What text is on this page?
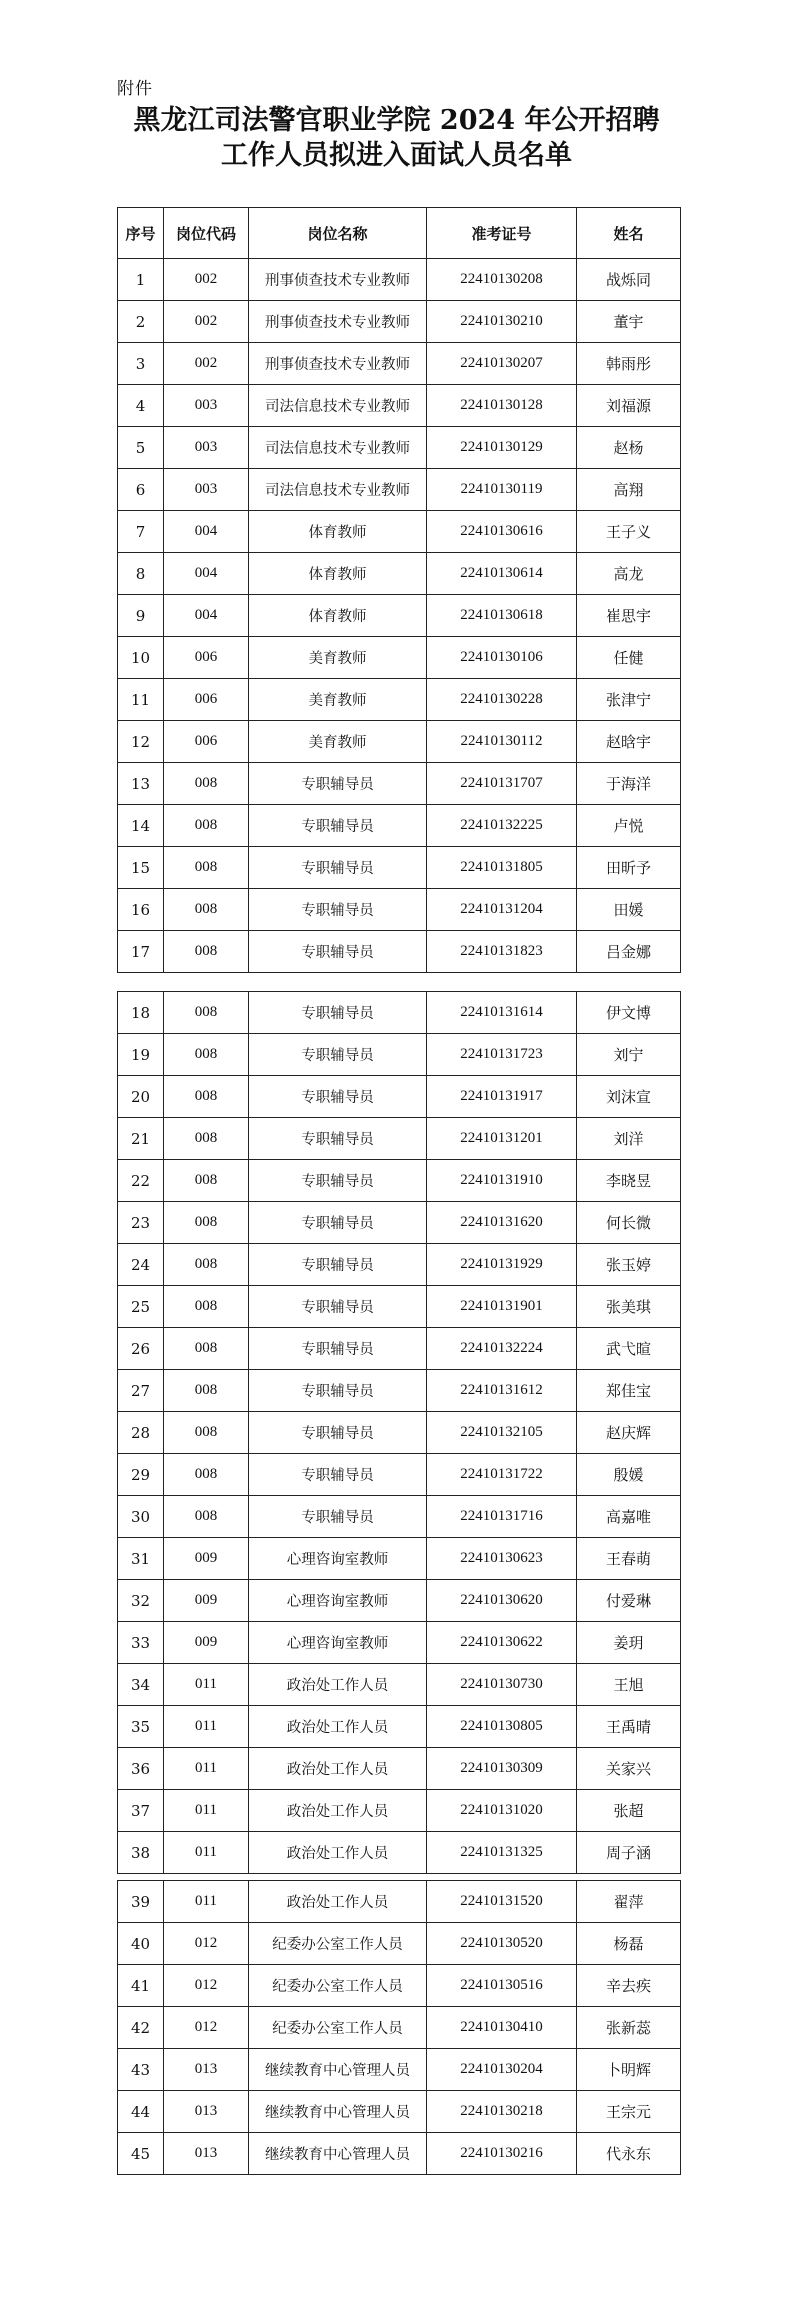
附件
黑龙江司法警官职业学院 2024 年公开招聘
工作人员拟进入面试人员名单
序号	岗位代码	岗位名称	准考证号	姓名
1	002	刑事侦查技术专业教师	22410130208	战烁同
2	002	刑事侦查技术专业教师	22410130210	董宇
3	002	刑事侦查技术专业教师	22410130207	韩雨彤
4	003	司法信息技术专业教师	22410130128	刘福源
5	003	司法信息技术专业教师	22410130129	赵杨
6	003	司法信息技术专业教师	22410130119	高翔
7	004	体育教师	22410130616	王子义
8	004	体育教师	22410130614	高龙
9	004	体育教师	22410130618	崔思宇
10	006	美育教师	22410130106	任健
11	006	美育教师	22410130228	张津宁
12	006	美育教师	22410130112	赵晗宇
13	008	专职辅导员	22410131707	于海洋
14	008	专职辅导员	22410132225	卢悦
15	008	专职辅导员	22410131805	田昕予
16	008	专职辅导员	22410131204	田媛
17	008	专职辅导员	22410131823	吕金娜
18	008	专职辅导员	22410131614	伊文博
19	008	专职辅导员	22410131723	刘宁
20	008	专职辅导员	22410131917	刘沫宣
21	008	专职辅导员	22410131201	刘洋
22	008	专职辅导员	22410131910	李晓昱
23	008	专职辅导员	22410131620	何长微
24	008	专职辅导员	22410131929	张玉婷
25	008	专职辅导员	22410131901	张美琪
26	008	专职辅导员	22410132224	武弋暄
27	008	专职辅导员	22410131612	郑佳宝
28	008	专职辅导员	22410132105	赵庆辉
29	008	专职辅导员	22410131722	殷媛
30	008	专职辅导员	22410131716	高嘉唯
31	009	心理咨询室教师	22410130623	王春萌
32	009	心理咨询室教师	22410130620	付爱琳
33	009	心理咨询室教师	22410130622	姜玥
34	011	政治处工作人员	22410130730	王旭
35	011	政治处工作人员	22410130805	王禹晴
36	011	政治处工作人员	22410130309	关家兴
37	011	政治处工作人员	22410131020	张超
38	011	政治处工作人员	22410131325	周子涵
39	011	政治处工作人员	22410131520	翟萍
40	012	纪委办公室工作人员	22410130520	杨磊
41	012	纪委办公室工作人员	22410130516	辛去疾
42	012	纪委办公室工作人员	22410130410	张新蕊
43	013	继续教育中心管理人员	22410130204	卜明辉
44	013	继续教育中心管理人员	22410130218	王宗元
45	013	继续教育中心管理人员	22410130216	代永东
